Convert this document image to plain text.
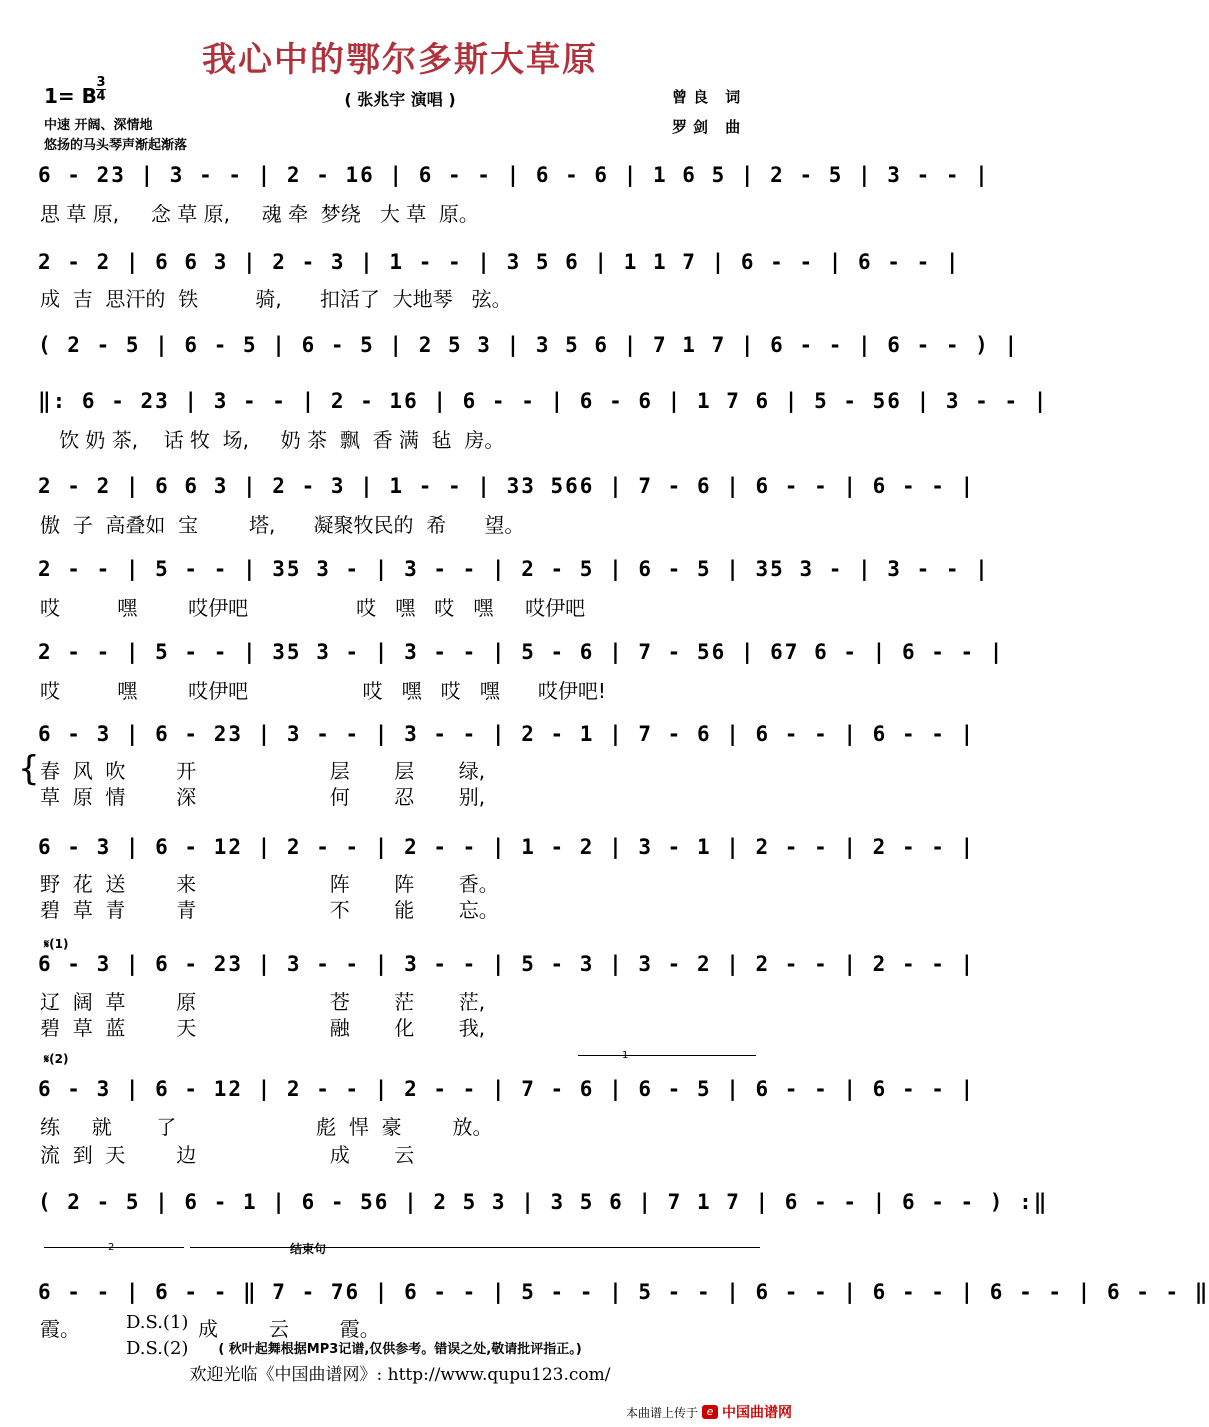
我心中的鄂尔多斯大草原
1= B
3
4	( 张兆宇 演唱 )	曾良 词
罗剑 曲
中速 开阔、深情地
悠扬的马头琴声渐起渐落
6 - 23 | 3 - - | 2 - 16 | 6 - - | 6 - 6 | 1 6 5 | 2 - 5 | 3 - - |
思 草 原,     念 草 原,     魂 牵  梦绕   大 草  原。
2 - 2 | 6 6 3 | 2 - 3 | 1 - - | 3 5 6 | 1 1 7 | 6 - - | 6 - - |
成  吉  思汗的  铁         骑,      扣活了  大地琴   弦。
( 2 - 5 | 6 - 5 | 6 - 5 | 2 5 3 | 3 5 6 | 7 1 7 | 6 - - | 6 - - ) |
‖: 6 - 23 | 3 - - | 2 - 16 | 6 - - | 6 - 6 | 1 7 6 | 5 - 56 | 3 - - |
饮 奶 茶,    话 牧  场,     奶 茶  飘  香 满  毡  房。
2 - 2 | 6 6 3 | 2 - 3 | 1 - - | 33 566 | 7 - 6 | 6 - - | 6 - - |
傲  子  高叠如  宝        塔,      凝聚牧民的  希      望。
2 - - | 5 - - | 35 3 - | 3 - - | 2 - 5 | 6 - 5 | 35 3 - | 3 - - |
哎         嘿        哎伊吧                 哎   嘿   哎   嘿     哎伊吧
2 - - | 5 - - | 35 3 - | 3 - - | 5 - 6 | 7 - 56 | 67 6 - | 6 - - |
哎         嘿        哎伊吧                  哎   嘿   哎   嘿      哎伊吧!
6 - 3 | 6 - 23 | 3 - - | 3 - - | 2 - 1 | 7 - 6 | 6 - - | 6 - - |
{ 春  风  吹        开                     层       层       绿,
草  原  情        深                     何       忍       别,
6 - 3 | 6 - 12 | 2 - - | 2 - - | 1 - 2 | 3 - 1 | 2 - - | 2 - - |
野  花  送        来                     阵       阵       香。
碧  草  青        青                     不       能       忘。
𝄋(1)
6 - 3 | 6 - 23 | 3 - - | 3 - - | 5 - 3 | 3 - 2 | 2 - - | 2 - - |
辽  阔  草        原                     苍       茫       茫,
碧  草  蓝        天                     融       化       我,
𝄋(2)	1
6 - 3 | 6 - 12 | 2 - - | 2 - - | 7 - 6 | 6 - 5 | 6 - - | 6 - - |
练     就       了                      彪  悍  豪        放。
流  到  天        边                     成       云
( 2 - 5 | 6 - 1 | 6 - 56 | 2 5 3 | 3 5 6 | 7 1 7 | 6 - - | 6 - - ) :‖
2	结束句
6 - - | 6 - - ‖ 7 - 76 | 6 - - | 5 - - | 5 - - | 6 - - | 6 - - | 6 - - | 6 - - ‖
霞。	D.S.(1) 成        云        霞。
D.S.(2)	( 秋叶起舞根据MP3记谱,仅供参考。错误之处,敬请批评指正。)
欢迎光临《中国曲谱网》: http://www.qupu123.com/
本曲谱上传于 e 中国曲谱网
